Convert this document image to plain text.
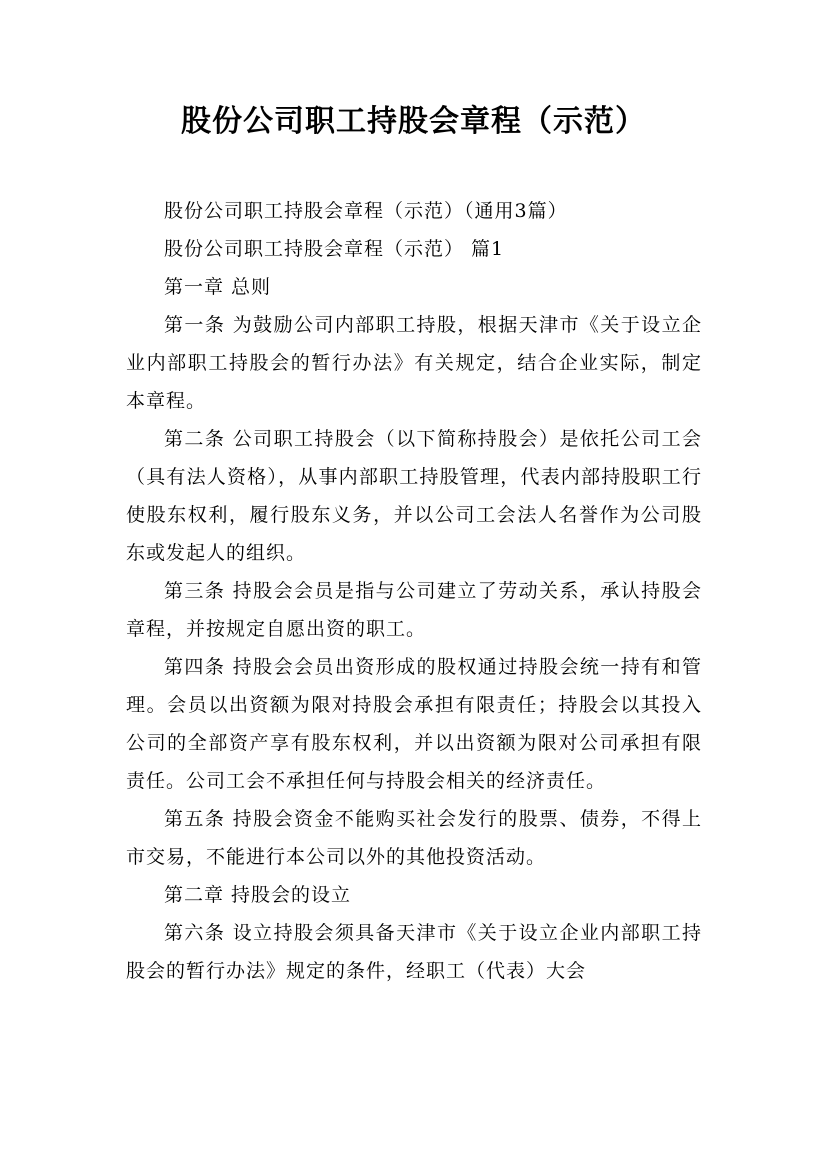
股份公司职工持股会章程（示范）

股份公司职工持股会章程（示范）（通用3篇）

股份公司职工持股会章程（示范） 篇1

第一章 总则

第一条 为鼓励公司内部职工持股，根据天津市《关于设立企业内部职工持股会的暂行办法》有关规定，结合企业实际，制定本章程。

第二条 公司职工持股会（以下简称持股会）是依托公司工会（具有法人资格），从事内部职工持股管理，代表内部持股职工行使股东权利，履行股东义务，并以公司工会法人名誉作为公司股东或发起人的组织。

第三条 持股会会员是指与公司建立了劳动关系，承认持股会章程，并按规定自愿出资的职工。

第四条 持股会会员出资形成的股权通过持股会统一持有和管理。会员以出资额为限对持股会承担有限责任；持股会以其投入公司的全部资产享有股东权利，并以出资额为限对公司承担有限责任。公司工会不承担任何与持股会相关的经济责任。

第五条 持股会资金不能购买社会发行的股票、债券，不得上市交易，不能进行本公司以外的其他投资活动。

第二章 持股会的设立

第六条 设立持股会须具备天津市《关于设立企业内部职工持股会的暂行办法》规定的条件，经职工（代表）大会
